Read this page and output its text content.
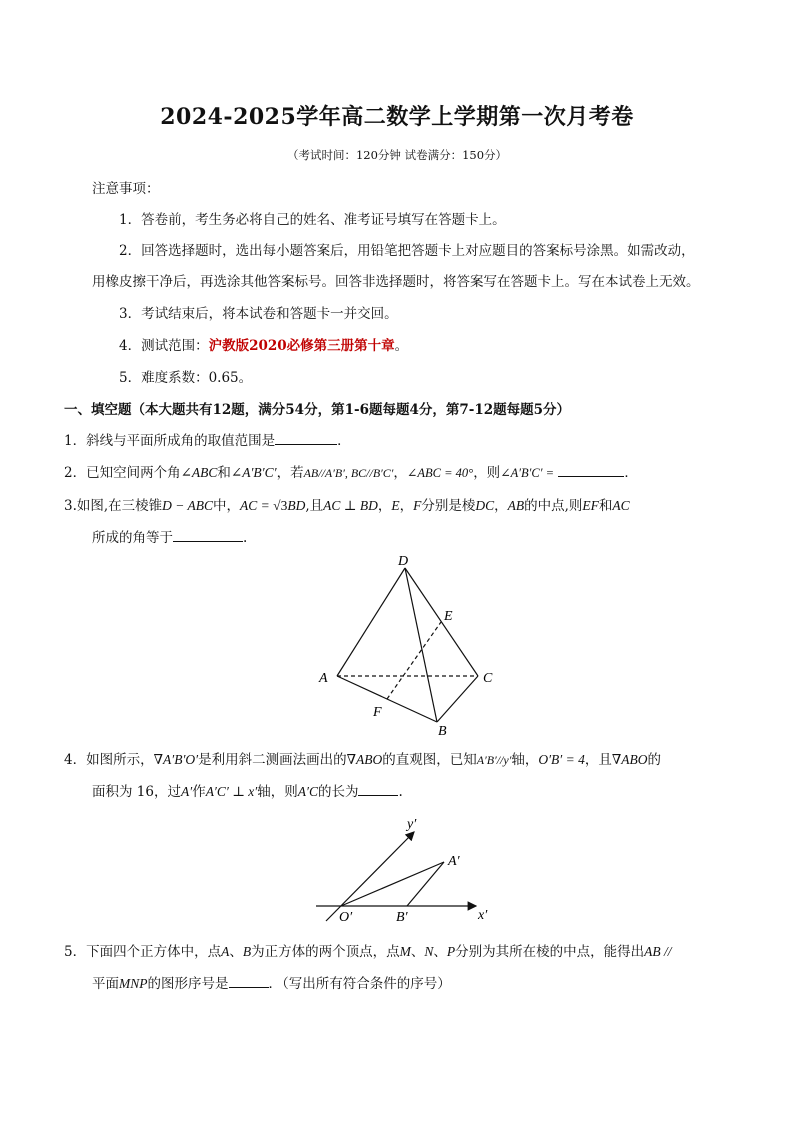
2024-2025学年高二数学上学期第一次月考卷
（考试时间：120分钟 试卷满分：150分）
注意事项：
1．答卷前，考生务必将自己的姓名、准考证号填写在答题卡上。
2．回答选择题时，选出每小题答案后，用铅笔把答题卡上对应题目的答案标号涂黑。如需改动，
用橡皮擦干净后，再选涂其他答案标号。回答非选择题时，将答案写在答题卡上。写在本试卷上无效。
3．考试结束后，将本试卷和答题卡一并交回。
4．测试范围：沪教版2020必修第三册第十章。
5．难度系数：0.65。
一、填空题（本大题共有12题，满分54分，第1-6题每题4分，第7-12题每题5分）
1．斜线与平面所成角的取值范围是	．
2．已知空间两个角∠ABC和∠A′B′C′，若AB//A′B′, BC//B′C′，∠ABC = 40°，则∠A′B′C′ =	．
3.如图,在三棱锥D − ABC中，AC = √3BD,且AC ⊥ BD，E，F分别是棱DC，AB的中点,则EF和AC
所成的角等于	.
D
A	C
B
E
F
4．如图所示，∇A′B′O′是利用斜二测画法画出的∇ABO的直观图，已知A′B′//y′轴，O′B′ = 4，且∇ABO的
面积为 16，过A′作A′C′ ⊥ x′轴，则A′C的长为	.
y′
x′
O′
A′
B′
5．下面四个正方体中，点A、B为正方体的两个顶点，点M、N、P分别为其所在棱的中点，能得出AB //
平面MNP的图形序号是	．（写出所有符合条件的序号）
